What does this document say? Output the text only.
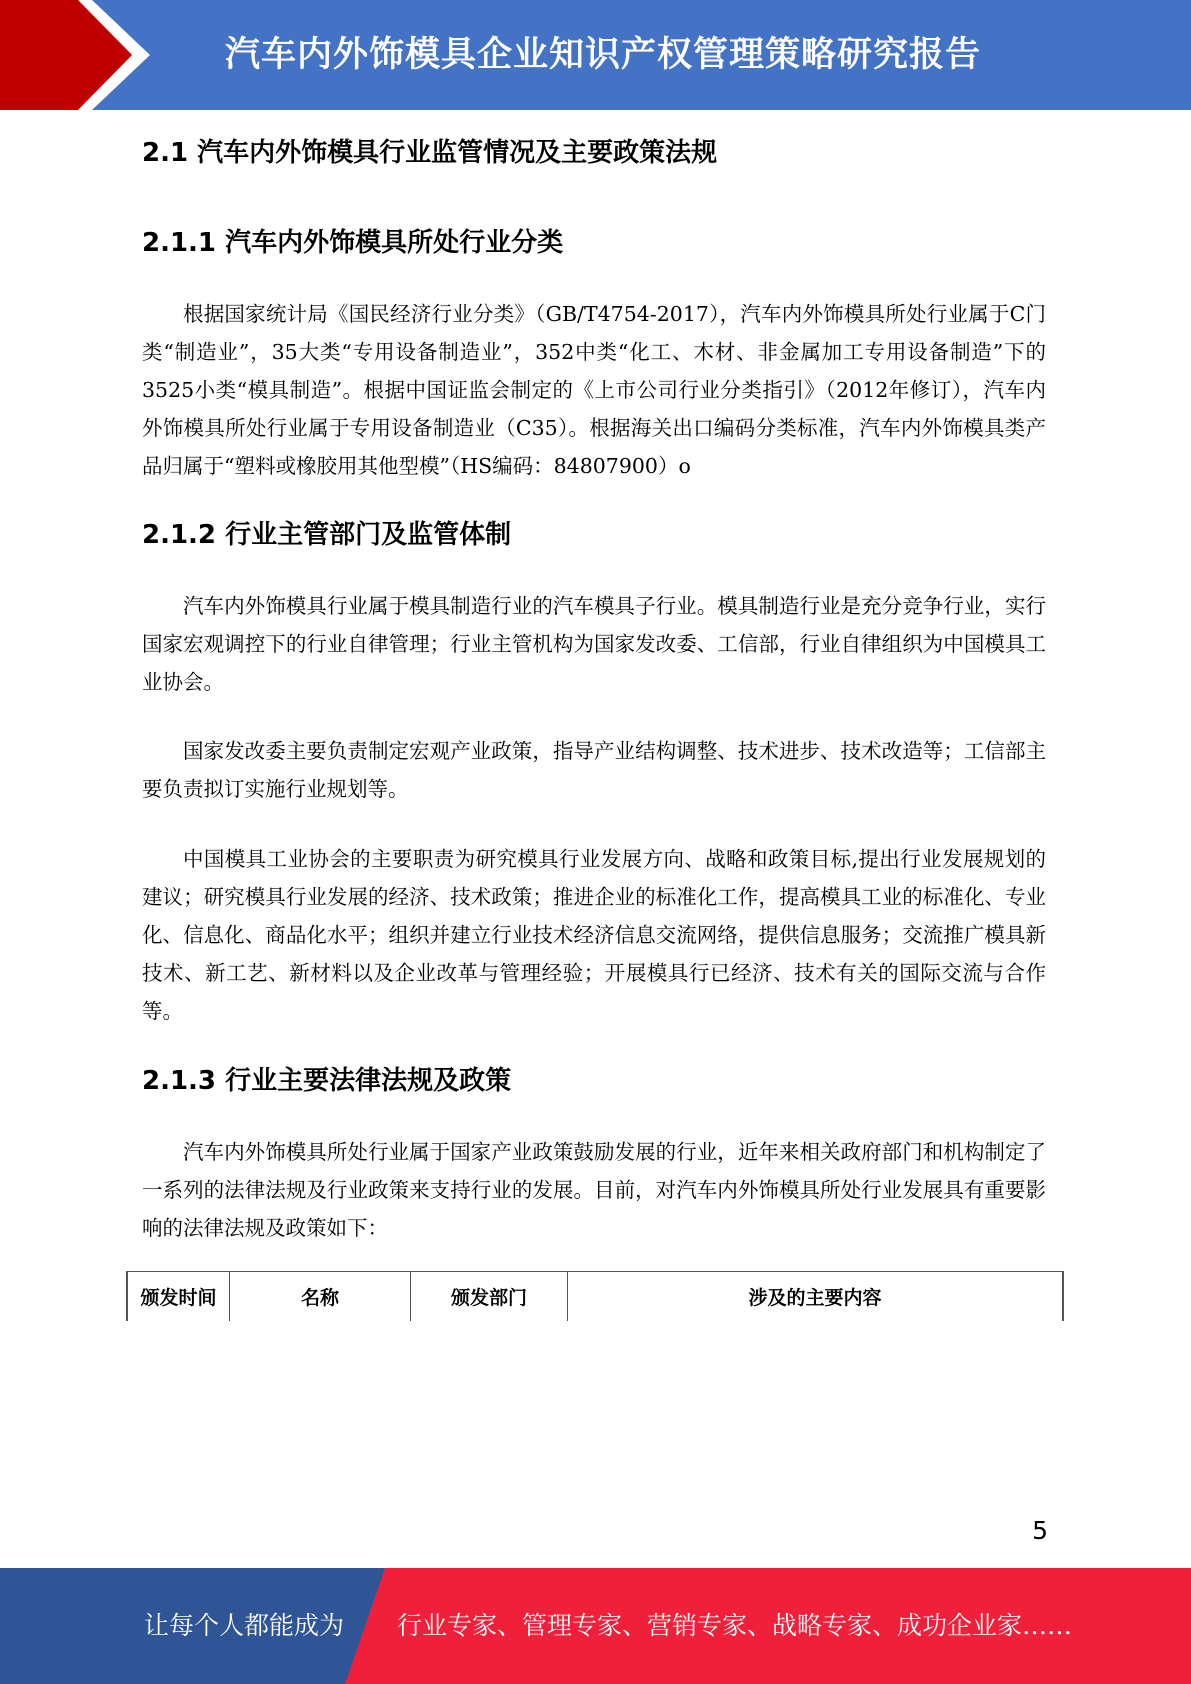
汽车内外饰模具企业知识产权管理策略研究报告
2.1 汽车内外饰模具行业监管情况及主要政策法规
2.1.1 汽车内外饰模具所处行业分类

根据国家统计局《国民经济行业分类》（GB/T4754-2017），汽车内外饰模具所处行业属于C门类“制造业”，35大类“专用设备制造业”，352中类“化工、木材、非金属加工专用设备制造”下的3525小类“模具制造”。根据中国证监会制定的《上市公司行业分类指引》（2012年修订），汽车内外饰模具所处行业属于专用设备制造业（C35）。根据海关出口编码分类标准，汽车内外饰模具类产品归属于“塑料或橡胶用其他型模”（HS编码：84807900）o

2.1.2 行业主管部门及监管体制

汽车内外饰模具行业属于模具制造行业的汽车模具子行业。模具制造行业是充分竞争行业，实行国家宏观调控下的行业自律管理；行业主管机构为国家发改委、工信部，行业自律组织为中国模具工业协会。

国家发改委主要负责制定宏观产业政策，指导产业结构调整、技术进步、技术改造等；工信部主要负责拟订实施行业规划等。

中国模具工业协会的主要职责为研究模具行业发展方向、战略和政策目标,提出行业发展规划的建议；研究模具行业发展的经济、技术政策；推进企业的标准化工作，提高模具工业的标准化、专业化、信息化、商品化水平；组织并建立行业技术经济信息交流网络，提供信息服务；交流推广模具新技术、新工艺、新材料以及企业改革与管理经验；开展模具行已经济、技术有关的国际交流与合作等。

2.1.3 行业主要法律法规及政策

汽车内外饰模具所处行业属于国家产业政策鼓励发展的行业，近年来相关政府部门和机构制定了一系列的法律法规及行业政策来支持行业的发展。目前，对汽车内外饰模具所处行业发展具有重要影响的法律法规及政策如下：

颁发时间	名称	颁发部门	涉及的主要内容
5
让每个人都能成为 行业专家、管理专家、营销专家、战略专家、成功企业家……
